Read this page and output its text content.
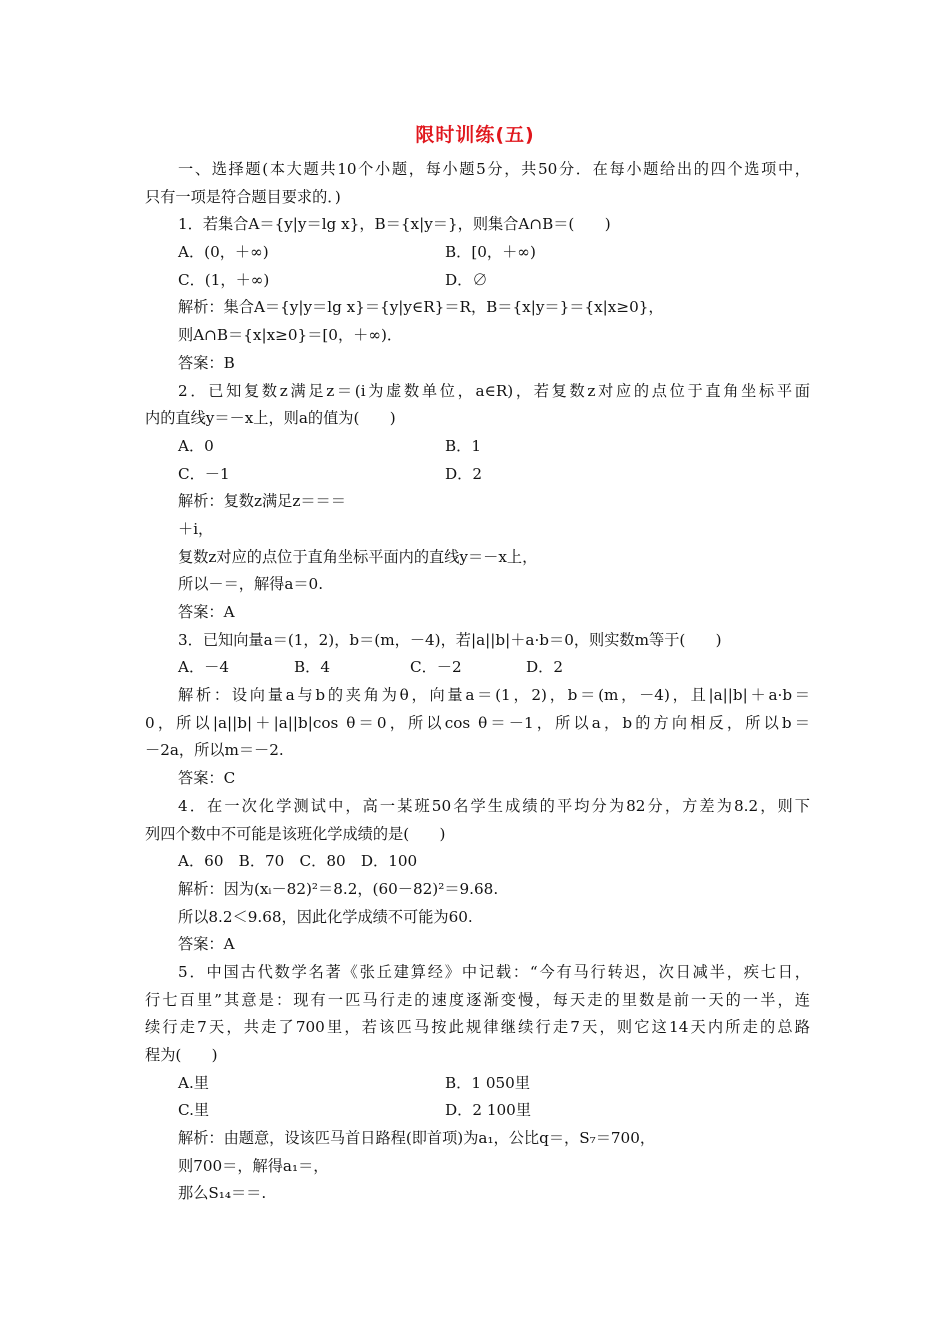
限时训练(五)
一、选择题(本大题共10个小题，每小题5分，共50分．在每小题给出的四个选项中，
只有一项是符合题目要求的．)
1．若集合A＝{y|y＝lg x}，B＝{x|y＝}，则集合A∩B＝(　　)
A．(0，＋∞)	B．[0，＋∞)
C．(1，＋∞)	D．∅
解析：集合A＝{y|y＝lg x}＝{y|y∈R}＝R，B＝{x|y＝}＝{x|x≥0}，
则A∩B＝{x|x≥0}＝[0，＋∞)．
答案：B
2．已知复数z满足z＝(i为虚数单位，a∈R)，若复数z对应的点位于直角坐标平面
内的直线y＝－x上，则a的值为(　　)
A．0	B．1
C．－1	D．2
解析：复数z满足z＝＝＝
＋i，
复数z对应的点位于直角坐标平面内的直线y＝－x上，
所以－＝，解得a＝0.
答案：A
3．已知向量a＝(1，2)，b＝(m，－4)，若|a||b|＋a·b＝0，则实数m等于(　　)
A．－4	B．4	C．－2	D．2
解析：设向量a与b的夹角为θ，向量a＝(1，2)，b＝(m，－4)，且|a||b|＋a·b＝
0，所以|a||b|＋|a||b|cos θ＝0，所以cos θ＝－1，所以a，b的方向相反，所以b＝
－2a，所以m＝－2.
答案：C
4．在一次化学测试中，高一某班50名学生成绩的平均分为82分，方差为8.2，则下
列四个数中不可能是该班化学成绩的是(　　)
A．60　B．70　C．80　D．100
解析：因为(xᵢ－82)²＝8.2，(60－82)²＝9.68.
所以8.2＜9.68，因此化学成绩不可能为60.
答案：A
5．中国古代数学名著《张丘建算经》中记载：“今有马行转迟，次日减半，疾七日，
行七百里”其意是：现有一匹马行走的速度逐渐变慢，每天走的里数是前一天的一半，连
续行走7天，共走了700里，若该匹马按此规律继续行走7天，则它这14天内所走的总路
程为(　　)
A.里	B．1 050里
C.里	D．2 100里
解析：由题意，设该匹马首日路程(即首项)为a₁，公比q＝，S₇＝700，
则700＝，解得a₁＝，
那么S₁₄＝＝.
